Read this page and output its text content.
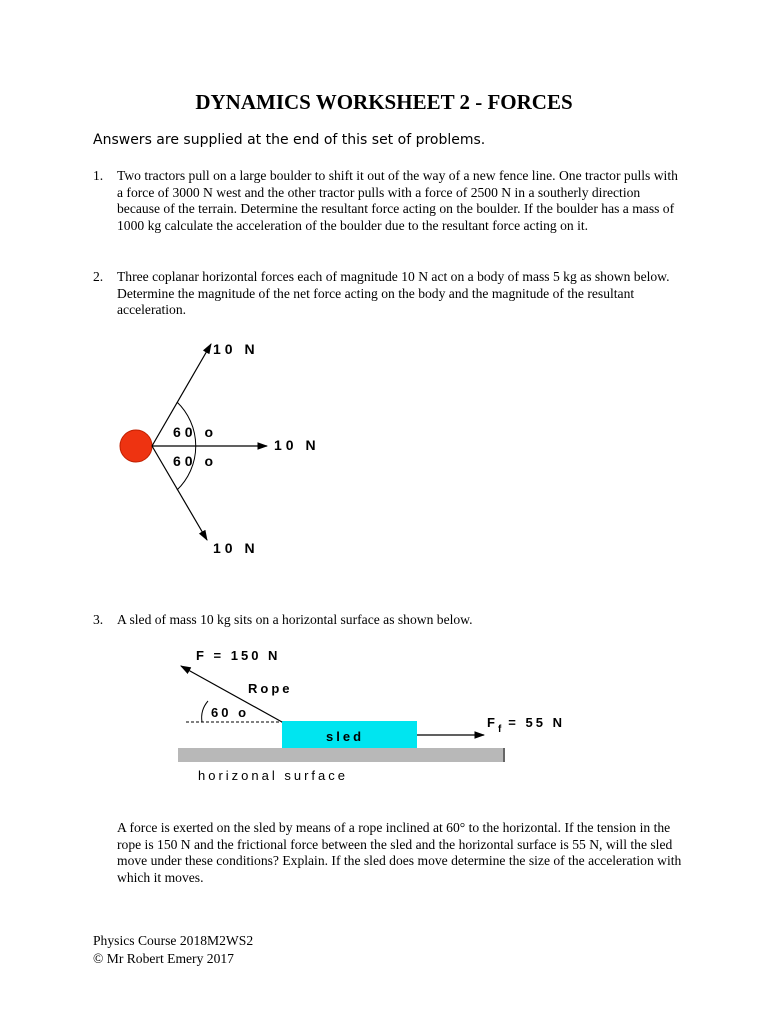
DYNAMICS WORKSHEET 2 - FORCES
Answers are supplied at the end of this set of problems.
1. Two tractors pull on a large boulder to shift it out of the way of a new fence line. One tractor pulls with a force of 3000 N west and the other tractor pulls with a force of 2500 N in a southerly direction because of the terrain. Determine the resultant force acting on the boulder. If the boulder has a mass of 1000 kg calculate the acceleration of the boulder due to the resultant force acting on it.
2. Three coplanar horizontal forces each of magnitude 10 N act on a body of mass 5 kg as shown below. Determine the magnitude of the net force acting on the body and the magnitude of the resultant acceleration.
10 N
10 N
10 N
60 o
60 o
3. A sled of mass 10 kg sits on a horizontal surface as shown below.
F = 150 N
Rope
60 o
sled
$F_f = 55$ N
horizonal surface
A force is exerted on the sled by means of a rope inclined at 60° to the horizontal. If the tension in the rope is 150 N and the frictional force between the sled and the horizontal surface is 55 N, will the sled move under these conditions? Explain. If the sled does move determine the size of the acceleration with which it moves.
Physics Course 2018M2WS2
© Mr Robert Emery 2017
